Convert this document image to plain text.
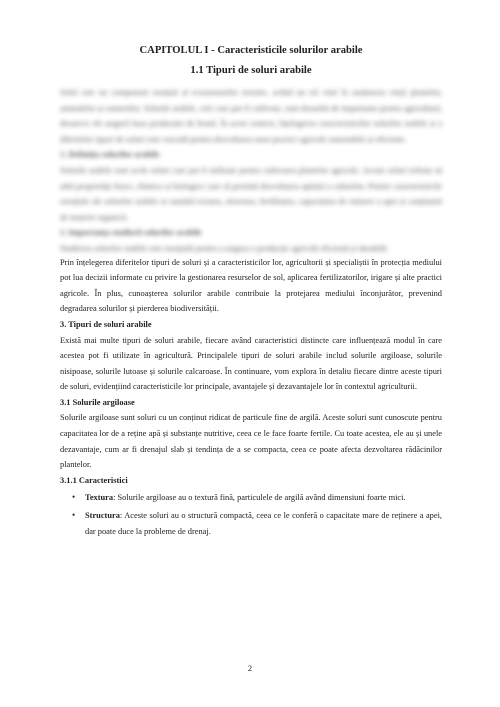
CAPITOLUL I - Caracteristicile solurilor arabile
1.1 Tipuri de soluri arabile

Solul este un component esențial al ecosistemelor terestre, având un rol vital în susținerea vieții plantelor, animalelor și oamenilor. Solurile arabile, cele care pot fi cultivate, sunt deosebit de importante pentru agricultură, deoarece ele asigură baza producției de hrană. În acest context, înțelegerea caracteristicilor solurilor arabile și a diferitelor tipuri de soluri este crucială pentru dezvoltarea unor practici agricole sustenabile și eficiente.

1. Definiția solurilor arabile

Solurile arabile sunt acele soluri care pot fi utilizate pentru cultivarea plantelor agricole. Aceste soluri trebuie să aibă proprietăți fizice, chimice și biologice care să permită dezvoltarea optimă a culturilor. Printre caracteristicile esențiale ale solurilor arabile se numără textura, structura, fertilitatea, capacitatea de reținere a apei și conținutul de materie organică.

2. Importanța studierii solurilor arabile

Studierea solurilor arabile este esențială pentru a asigura o producție agricolă eficientă și durabilă.

Prin înțelegerea diferitelor tipuri de soluri și a caracteristicilor lor, agricultorii și specialiștii în protecția mediului pot lua decizii informate cu privire la gestionarea resurselor de sol, aplicarea fertilizatorilor, irigare și alte practici agricole. În plus, cunoașterea solurilor arabile contribuie la protejarea mediului înconjurător, prevenind degradarea solurilor și pierderea biodiversității.

3. Tipuri de soluri arabile

Există mai multe tipuri de soluri arabile, fiecare având caracteristici distincte care influențează modul în care acestea pot fi utilizate în agricultură. Principalele tipuri de soluri arabile includ solurile argiloase, solurile nisipoase, solurile lutoase și solurile calcaroase. În continuare, vom explora în detaliu fiecare dintre aceste tipuri de soluri, evidențiind caracteristicile lor principale, avantajele și dezavantajele lor în contextul agriculturii.

3.1 Solurile argiloase

Solurile argiloase sunt soluri cu un conținut ridicat de particule fine de argilă. Aceste soluri sunt cunoscute pentru capacitatea lor de a reține apă și substanțe nutritive, ceea ce le face foarte fertile. Cu toate acestea, ele au și unele dezavantaje, cum ar fi drenajul slab și tendința de a se compacta, ceea ce poate afecta dezvoltarea rădăcinilor plantelor.

3.1.1 Caracteristici

• Textura: Solurile argiloase au o textură fină, particulele de argilă având dimensiuni foarte mici.
• Structura: Aceste soluri au o structură compactă, ceea ce le conferă o capacitate mare de reținere a apei, dar poate duce la probleme de drenaj.
2
